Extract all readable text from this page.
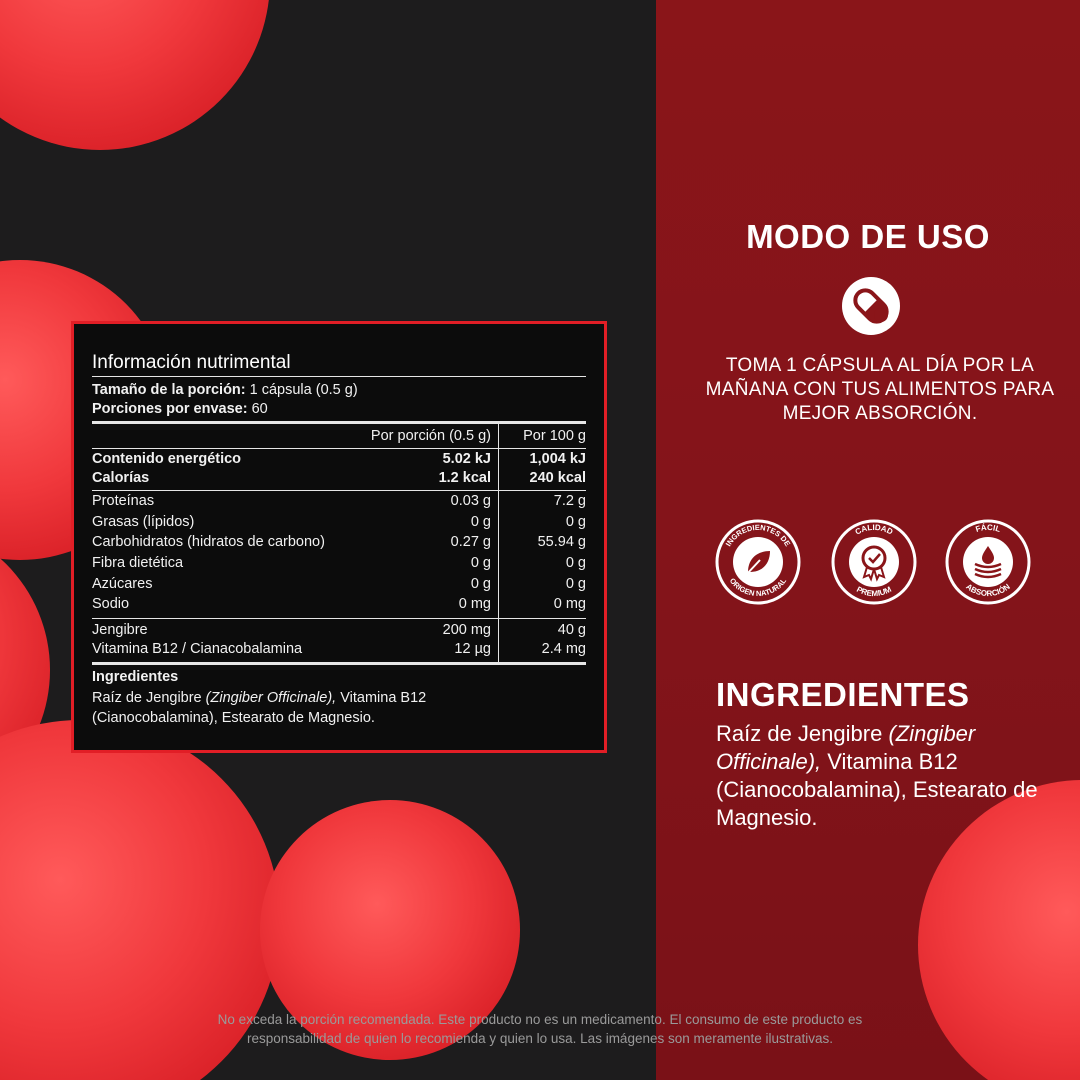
Información nutrimental
Tamaño de la porción: 1 cápsula (0.5 g)
Porciones por envase: 60
Por porción (0.5 g) Por 100 g
Contenido energético	5.02 kJ	1,004 kJ
Calorías	1.2 kcal	240 kcal
Proteínas	0.03 g	7.2 g
Grasas (lípidos)	0 g	0 g
Carbohidratos (hidratos de carbono)	0.27 g	55.94 g
Fibra dietética	0 g	0 g
Azúcares	0 g	0 g
Sodio	0 mg	0 mg
Jengibre	200 mg	40 g
Vitamina B12 / Cianacobalamina	12 µg	2.4 mg
Ingredientes
Raíz de Jengibre (Zingiber Officinale), Vitamina B12
(Cianocobalamina), Estearato de Magnesio.
MODO DE USO
TOMA 1 CÁPSULA AL DÍA POR LA MAÑANA CON TUS ALIMENTOS PARA MEJOR ABSORCIÓN.
INGREDIENTES DE
ORIGEN NATURAL
CALIDAD
PREMIUM
FÁCIL
ABSORCIÓN
INGREDIENTES
Raíz de Jengibre (Zingiber Officinale), Vitamina B12 (Cianocobalamina), Estearato de Magnesio.
No exceda la porción recomendada. Este producto no es un medicamento. El consumo de este producto es
responsabilidad de quien lo recomienda y quien lo usa. Las imágenes son meramente ilustrativas.
